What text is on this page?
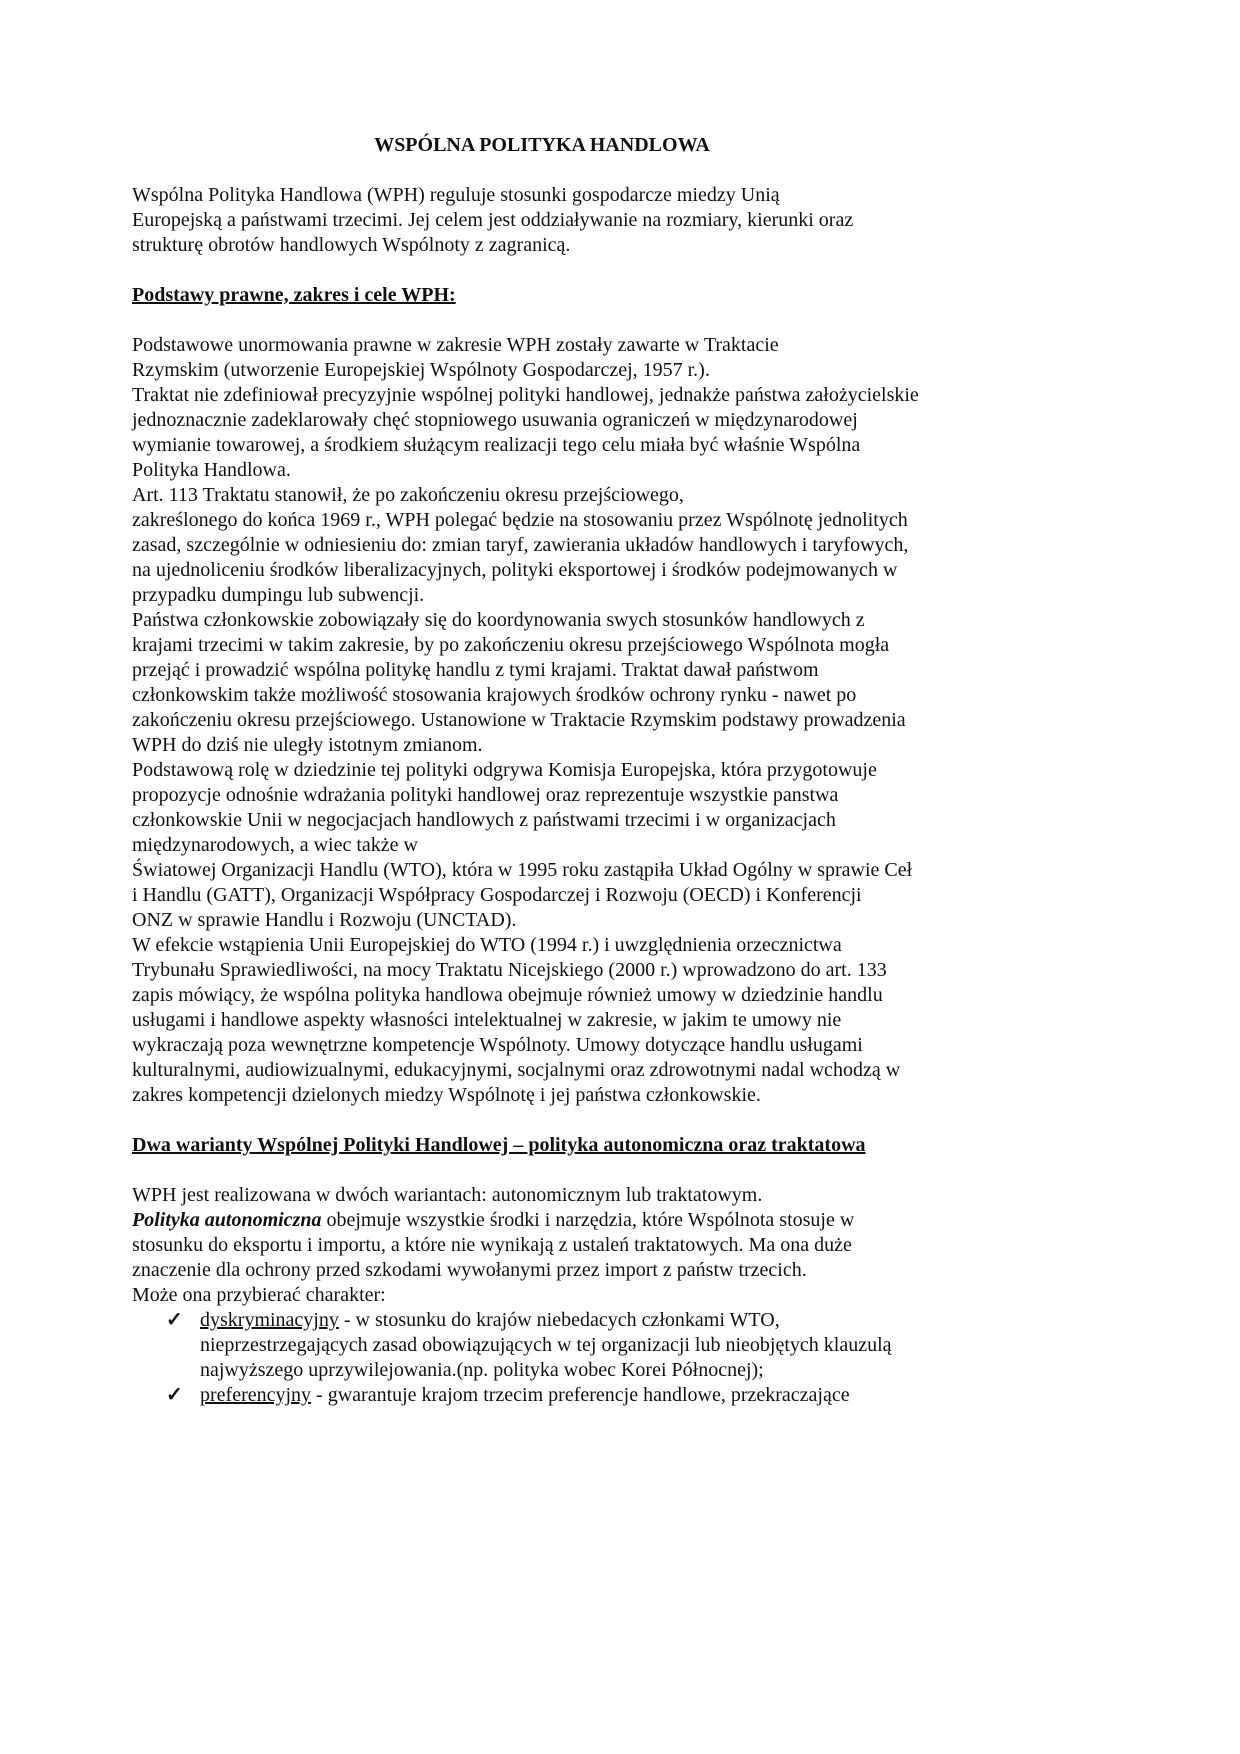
WSPÓLNA POLITYKA HANDLOWA
Wspólna Polityka Handlowa (WPH) reguluje stosunki gospodarcze miedzy Unią
Europejską a państwami trzecimi. Jej celem jest oddziaływanie na rozmiary, kierunki oraz
strukturę obrotów handlowych Wspólnoty z zagranicą.
Podstawy prawne, zakres i cele WPH:
Podstawowe unormowania prawne w zakresie WPH zostały zawarte w Traktacie
Rzymskim (utworzenie Europejskiej Wspólnoty Gospodarczej, 1957 r.).
Traktat nie zdefiniował precyzyjnie wspólnej polityki handlowej, jednakże państwa założycielskie
jednoznacznie zadeklarowały chęć stopniowego usuwania ograniczeń w międzynarodowej
wymianie towarowej, a środkiem służącym realizacji tego celu miała być właśnie Wspólna
Polityka Handlowa.
Art. 113 Traktatu stanowił, że po zakończeniu okresu przejściowego,
zakreślonego do końca 1969 r., WPH polegać będzie na stosowaniu przez Wspólnotę jednolitych
zasad, szczególnie w odniesieniu do: zmian taryf, zawierania układów handlowych i taryfowych,
na ujednoliceniu środków liberalizacyjnych, polityki eksportowej i środków podejmowanych w
przypadku dumpingu lub subwencji.
Państwa członkowskie zobowiązały się do koordynowania swych stosunków handlowych z
krajami trzecimi w takim zakresie, by po zakończeniu okresu przejściowego Wspólnota mogła
przejąć i prowadzić wspólna politykę handlu z tymi krajami. Traktat dawał państwom
członkowskim także możliwość stosowania krajowych środków ochrony rynku - nawet po
zakończeniu okresu przejściowego. Ustanowione w Traktacie Rzymskim podstawy prowadzenia
WPH do dziś nie uległy istotnym zmianom.
Podstawową rolę w dziedzinie tej polityki odgrywa Komisja Europejska, która przygotowuje
propozycje odnośnie wdrażania polityki handlowej oraz reprezentuje wszystkie panstwa
członkowskie Unii w negocjacjach handlowych z państwami trzecimi i w organizacjach
międzynarodowych, a wiec także w
Światowej Organizacji Handlu (WTO), która w 1995 roku zastąpiła Układ Ogólny w sprawie Ceł
i Handlu (GATT), Organizacji Współpracy Gospodarczej i Rozwoju (OECD) i Konferencji
ONZ w sprawie Handlu i Rozwoju (UNCTAD).
W efekcie wstąpienia Unii Europejskiej do WTO (1994 r.) i uwzględnienia orzecznictwa
Trybunału Sprawiedliwości, na mocy Traktatu Nicejskiego (2000 r.) wprowadzono do art. 133
zapis mówiący, że wspólna polityka handlowa obejmuje również umowy w dziedzinie handlu
usługami i handlowe aspekty własności intelektualnej w zakresie, w jakim te umowy nie
wykraczają poza wewnętrzne kompetencje Wspólnoty. Umowy dotyczące handlu usługami
kulturalnymi, audiowizualnymi, edukacyjnymi, socjalnymi oraz zdrowotnymi nadal wchodzą w
zakres kompetencji dzielonych miedzy Wspólnotę i jej państwa członkowskie.
Dwa warianty Wspólnej Polityki Handlowej – polityka autonomiczna oraz traktatowa
WPH jest realizowana w dwóch wariantach: autonomicznym lub traktatowym.
Polityka autonomiczna obejmuje wszystkie środki i narzędzia, które Wspólnota stosuje w
stosunku do eksportu i importu, a które nie wynikają z ustaleń traktatowych. Ma ona duże
znaczenie dla ochrony przed szkodami wywołanymi przez import z państw trzecich.
Może ona przybierać charakter:
✓ dyskryminacyjny - w stosunku do krajów niebedacych członkami WTO,
nieprzestrzegających zasad obowiązujących w tej organizacji lub nieobjętych klauzulą
najwyższego uprzywilejowania.(np. polityka wobec Korei Północnej);
✓ preferencyjny - gwarantuje krajom trzecim preferencje handlowe, przekraczające
